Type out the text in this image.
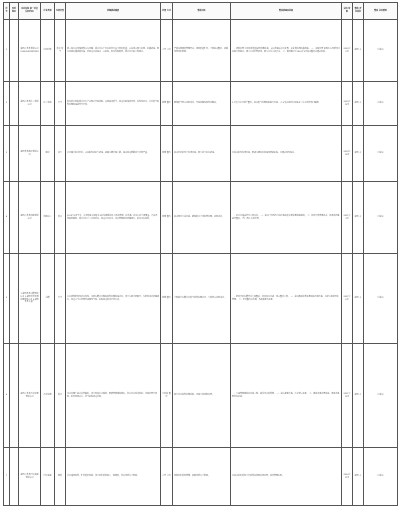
序号	省份 地区	企业名称 统一社会 信用代码	行业类别	污染类型	问题描述摘要	处置 方式	整改目标	整改措施及进展	完成 时限	整改 责任单位	整改 完成情况
1		湖州市某某有限公司 913305XXXXXXXX	纺织印染	废水 废气	第二轮中央环保督察交办问题：该企业在厂区内堆存大量含染料废渣，未按规定落实防雨、防渗措施，雨水冲刷后渗滤液外溢，对周边水体造成一定影响。群众反映强烈，该企业已被立案调查。	立行 立改	严格按照固废管理要求，规范废渣贮存，全面完成整改，消除环境风险隐患。	一、规范处置 已对堆存废渣进行清理转运，交由有资质单位处置，并完善防雨防渗措施。 二、加强监管 属地生态环境部门加强日常巡查，建立长效监管机制，落实企业主体责任。 三、该问题已于2020年9月完成整改并通过验收。	2020年 9月	湖州 市	已完成
2		湖州市某某化工有限公司	化工制造	大气	群众信访举报该企业生产过程中异味扰民，夜间偷排废气，周边居民深受其害，经现场检查，企业废气收集处理设施运行不正常。	限期 整改	确保废气稳定达标排放，异味问题得到有效解决。	1.已责令企业停产整改，完成废气处理设施提升改造。 2.安装在线监控设施并与生态环境部门联网。	2020年 12月	湖州 市	已完成
3		湖州某某建材有限公司	建材	扬尘	企业露天堆放原料，未采取有效防尘措施，运输车辆带泥上路，造成周边道路扬尘污染严重。	限期 整改	完成原料堆场全封闭改造，落实扬尘防控措施。	已完成堆场封闭改造，配备车辆冲洗设施及喷淋系统，已通过现场核查。	2020年 10月	湖州 市	已完成
4		湖州市某某机械有限公司	机械加工	废水	2019年5月至今，企业喷涂车间废水未经处理直接排入雨水管网，经监测，排放口化学需氧量、石油类等指标超标。该企业位于工业园区内，周边企业较多，排水管网混接问题突出，群众多次投诉。	限期 整改	完成雨污分流改造，确保废水全部纳管处理，达标排放。	一、对企业违法行为立案查处。 二、完成厂区雨污分流改造和废水预处理设施建设。 三、园区开展管网排查，对混接问题进行整治。 四、落实长效监管。	2021年 3月	湖州 市	已完成
5		1.湖州某某电镀有限公司 2.湖州某某表面处理有限公司 3.湖州某某五金厂	电镀	大气	中央督察组现场检查发现，多家电镀企业酸雾收集处理设施老化，部分车间门窗敞开，无组织排放问题突出，周边空气中有明显刺激性气味，影响周边群众正常生活。	限期 整改	全面提升电镀企业废气收集处理水平，实现稳定达标排放。	一、组织开展电镀行业专项整治，对涉及企业逐一制定整改方案。 二、完成酸雾收集处理设施升级改造，车间实施密闭化管理。 三、开展整改后监测，各项指标均达标。	2021年 6月	湖州 市	已完成
6		湖州市某某污水处理有限公司	污水处理	废水	污水处理厂进水浓度偏低，部分时段出水超标，配套管网建设滞后，存在污水直排现象；污泥处置不规范，堆存时间过长，臭气影响周边居民。	分阶段 整改	提升污水收集处理效能，污泥实现规范处置。	一、实施管网建设和改造工程，提高污水收集率。 二、完成提标改造，出水稳定达标。 三、建设污泥处置设施，规范污泥暂存和转运。	2021年 12月	湖州 市	已完成
7		湖州市某某再生资源有限公司	再生资源	固废	企业违规收集、贮存废旧物资，部分危险废物混入一般固废，存在环境安全隐患。	立行 立改	规范危险废物管理，消除环境安全隐患。	已完成危险废物分类收集和规范转移处置，完善管理台账。	2020年 11月	湖州 市	已完成
